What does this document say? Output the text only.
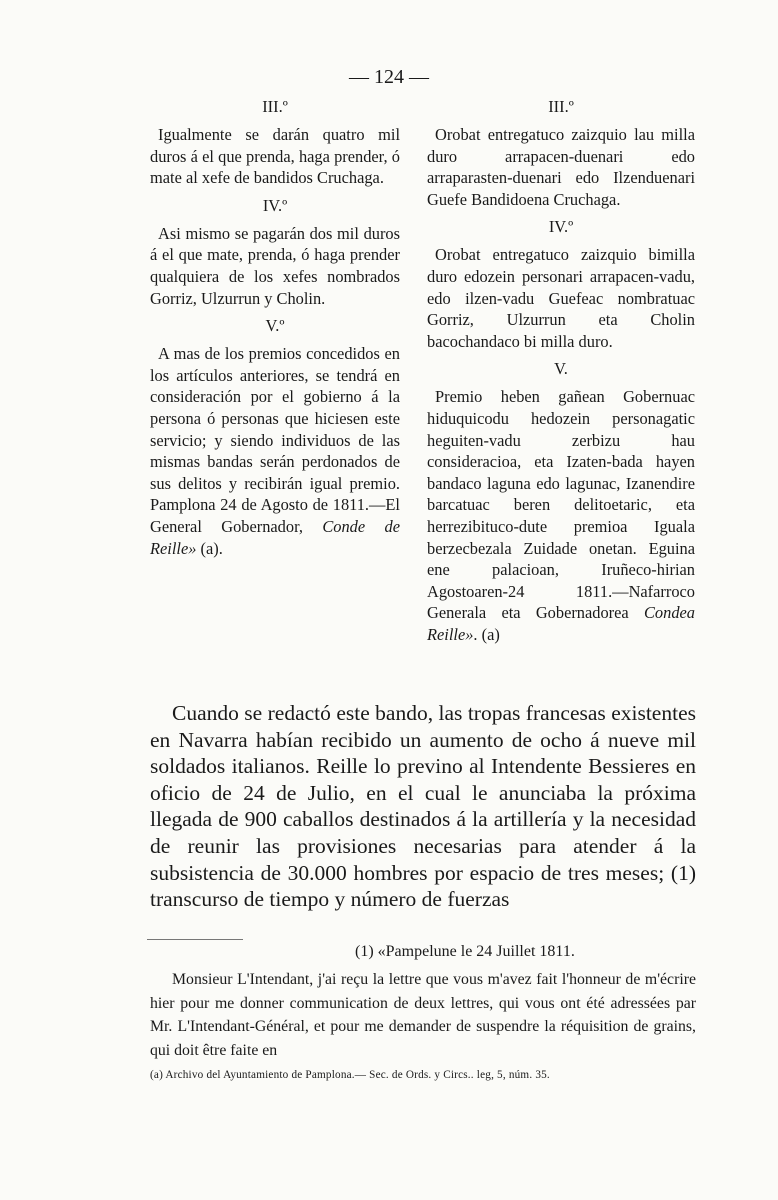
— 124 —
III.º

Igualmente se darán quatro mil duros á el que prenda, haga prender, ó mate al xefe de bandidos Cruchaga.

IV.º

Asi mismo se pagarán dos mil duros á el que mate, prenda, ó haga prender qualquiera de los xefes nombrados Gorriz, Ulzurrun y Cholin.

V.º

A mas de los premios concedidos en los artículos anteriores, se tendrá en consideración por el gobierno á la persona ó personas que hiciesen este servicio; y siendo individuos de las mismas bandas serán perdonados de sus delitos y recibirán igual premio. Pamplona 24 de Agosto de 1811.—El General Gobernador, Conde de Reille» (a).

III.º

Orobat entregatuco zaizquio lau milla duro arrapacen-duenari edo arraparasten-duenari edo Ilzenduenari Guefe Bandidoena Cruchaga.

IV.º

Orobat entregatuco zaizquio bimilla duro edozein personari arrapacen-vadu, edo ilzen-vadu Guefeac nombratuac Gorriz, Ulzurrun eta Cholin bacochandaco bi milla duro.

V.

Premio heben gañean Gobernuac hiduquicodu hedozein personagatic heguiten-vadu zerbizu hau consideracioa, eta Izaten-bada hayen bandaco laguna edo lagunac, Izanendire barcatuac beren delitoetaric, eta herrezibituco-dute premioa Iguala berzecbezala Zuidade onetan. Eguina ene palacioan, Iruñeco-hirian Agostoaren-24 1811.—Nafarroco Generala eta Gobernadorea Condea Reille». (a)

Cuando se redactó este bando, las tropas francesas existentes en Navarra habían recibido un aumento de ocho á nueve mil soldados italianos. Reille lo previno al Intendente Bessieres en oficio de 24 de Julio, en el cual le anunciaba la próxima llegada de 900 caballos destinados á la artillería y la necesidad de reunir las provisiones necesarias para atender á la subsistencia de 30.000 hombres por espacio de tres meses; (1) transcurso de tiempo y número de fuerzas

(1) «Pampelune le 24 Juillet 1811.

Monsieur L'Intendant, j'ai reçu la lettre que vous m'avez fait l'honneur de m'écrire hier pour me donner communication de deux lettres, qui vous ont été adressées par Mr. L'Intendant-Général, et pour me demander de suspendre la réquisition de grains, qui doit être faite en

(a) Archivo del Ayuntamiento de Pamplona.— Sec. de Ords. y Circs.. leg, 5, núm. 35.
